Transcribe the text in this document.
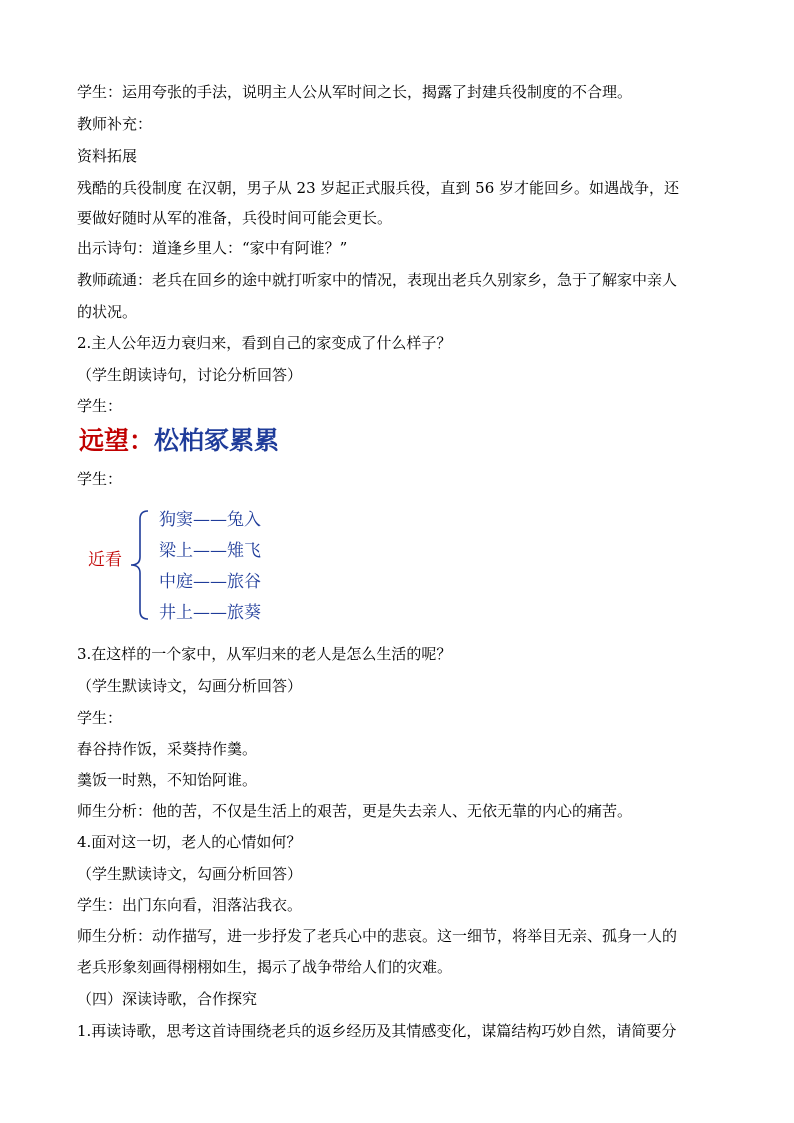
学生：运用夸张的手法，说明主人公从军时间之长，揭露了封建兵役制度的不合理。
教师补充：
资料拓展
残酷的兵役制度 在汉朝，男子从 23 岁起正式服兵役，直到 56 岁才能回乡。如遇战争，还
要做好随时从军的准备，兵役时间可能会更长。
出示诗句：道逢乡里人：“家中有阿谁？”
教师疏通：老兵在回乡的途中就打听家中的情况，表现出老兵久别家乡，急于了解家中亲人
的状况。
2.主人公年迈力衰归来，看到自己的家变成了什么样子？
（学生朗读诗句，讨论分析回答）
学生：
远望：松柏冢累累
学生：
近看
狗窦——兔入
梁上——雉飞
中庭——旅谷
井上——旅葵
3.在这样的一个家中，从军归来的老人是怎么生活的呢？
（学生默读诗文，勾画分析回答）
学生：
舂谷持作饭，采葵持作羹。
羹饭一时熟，不知饴阿谁。
师生分析：他的苦，不仅是生活上的艰苦，更是失去亲人、无依无靠的内心的痛苦。
4.面对这一切，老人的心情如何？
（学生默读诗文，勾画分析回答）
学生：出门东向看，泪落沾我衣。
师生分析：动作描写，进一步抒发了老兵心中的悲哀。这一细节，将举目无亲、孤身一人的
老兵形象刻画得栩栩如生，揭示了战争带给人们的灾难。
（四）深读诗歌，合作探究
1.再读诗歌，思考这首诗围绕老兵的返乡经历及其情感变化，谋篇结构巧妙自然，请简要分
